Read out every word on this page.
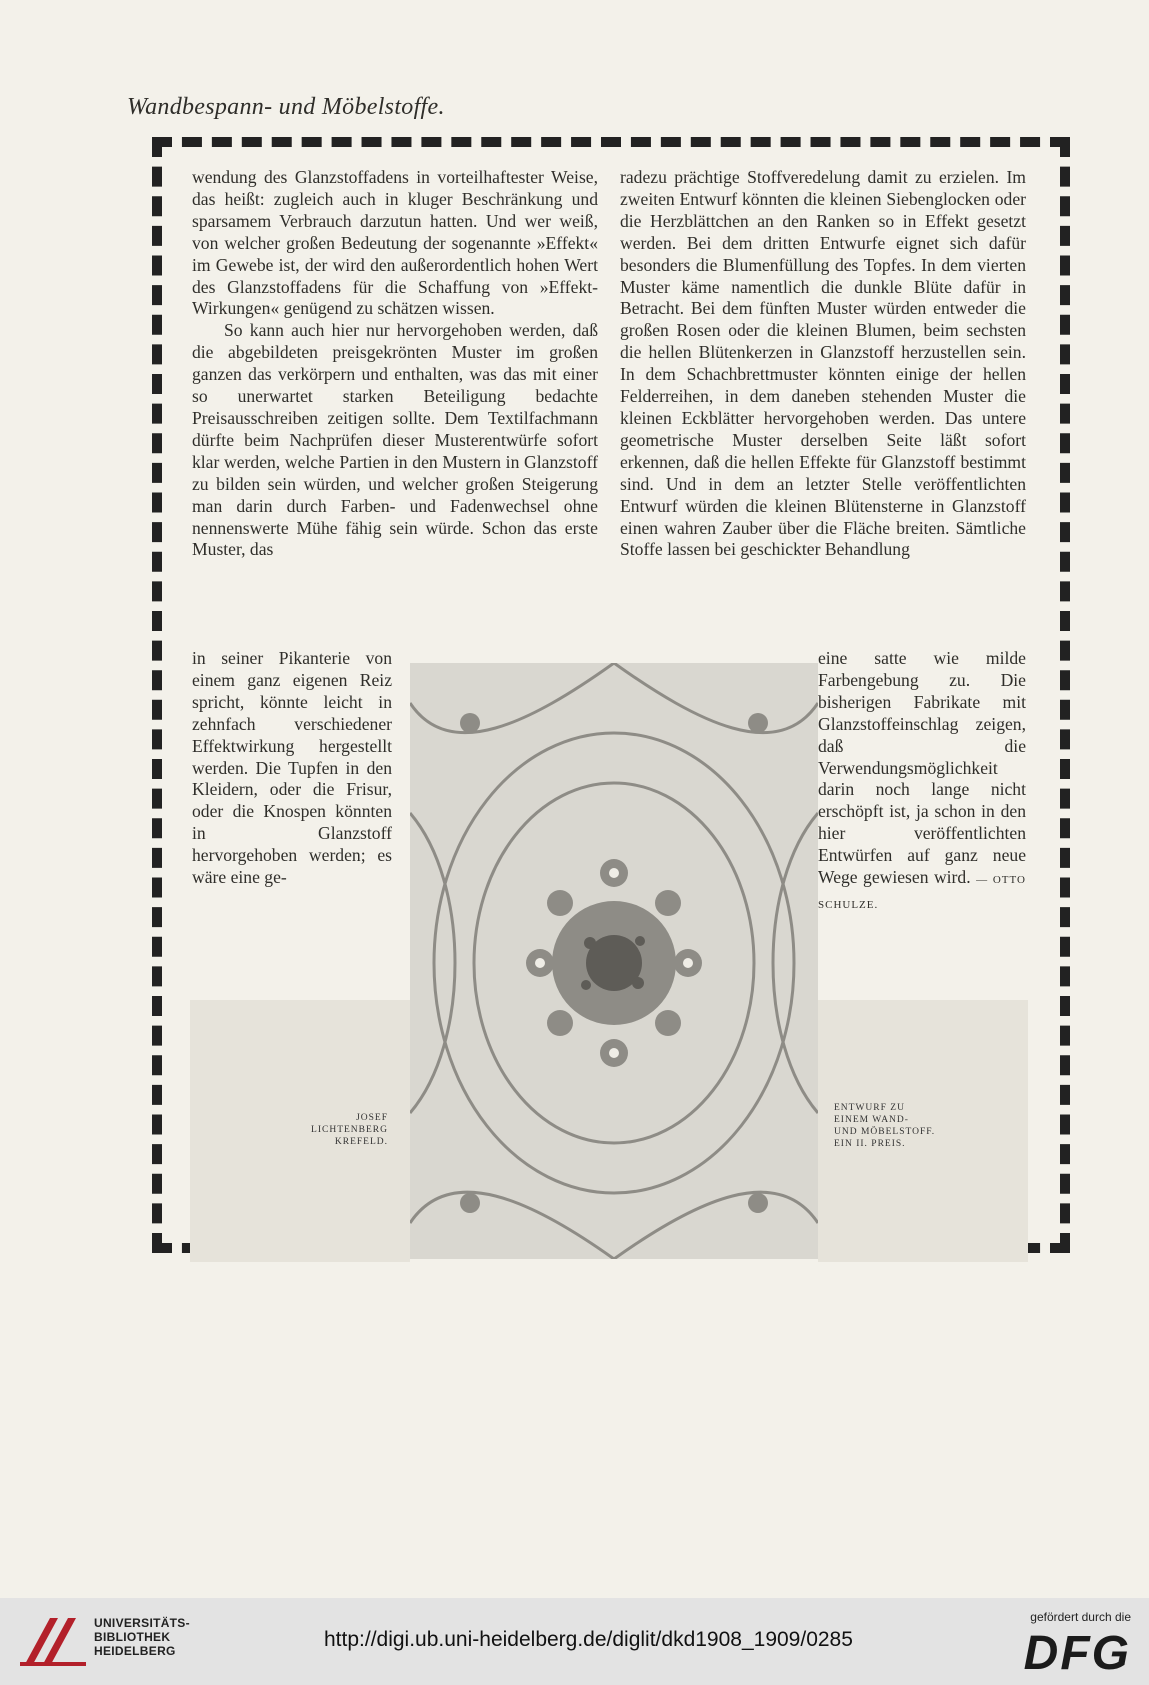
Wandbespann- und Möbelstoffe.

wendung des Glanzstoffadens in vorteilhaftester Weise, das heißt: zugleich auch in kluger Beschränkung und sparsamem Verbrauch darzutun hatten. Und wer weiß, von welcher großen Bedeutung der sogenannte »Effekt« im Gewebe ist, der wird den außerordentlich hohen Wert des Glanzstoffadens für die Schaffung von »Effekt-Wirkungen« genügend zu schätzen wissen.

So kann auch hier nur hervorgehoben werden, daß die abgebildeten preisgekrönten Muster im großen ganzen das verkörpern und enthalten, was das mit einer so unerwartet starken Beteiligung bedachte Preisausschreiben zeitigen sollte. Dem Textilfachmann dürfte beim Nachprüfen dieser Musterentwürfe sofort klar werden, welche Partien in den Mustern in Glanzstoff zu bilden sein würden, und welcher großen Steigerung man darin durch Farben- und Fadenwechsel ohne nennenswerte Mühe fähig sein würde. Schon das erste Muster, das

radezu prächtige Stoffveredelung damit zu erzielen. Im zweiten Entwurf könnten die kleinen Siebenglocken oder die Herzblättchen an den Ranken so in Effekt gesetzt werden. Bei dem dritten Entwurfe eignet sich dafür besonders die Blumenfüllung des Topfes. In dem vierten Muster käme namentlich die dunkle Blüte dafür in Betracht. Bei dem fünften Muster würden entweder die großen Rosen oder die kleinen Blumen, beim sechsten die hellen Blütenkerzen in Glanzstoff herzustellen sein. In dem Schachbrettmuster könnten einige der hellen Felderreihen, in dem daneben stehenden Muster die kleinen Eckblätter hervorgehoben werden. Das untere geometrische Muster derselben Seite läßt sofort erkennen, daß die hellen Effekte für Glanzstoff bestimmt sind. Und in dem an letzter Stelle veröffentlichten Entwurf würden die kleinen Blütensterne in Glanzstoff einen wahren Zauber über die Fläche breiten. Sämtliche Stoffe lassen bei geschickter Behandlung

in seiner Pikanterie von einem ganz eigenen Reiz spricht, könnte leicht in zehnfach verschiedener Effektwirkung hergestellt werden. Die Tupfen in den Kleidern, oder die Frisur, oder die Knospen könnten in Glanzstoff hervorgehoben werden; es wäre eine ge-

eine satte wie milde Farbengebung zu. Die bisherigen Fabrikate mit Glanzstoffeinschlag zeigen, daß die Verwendungsmöglichkeit darin noch lange nicht erschöpft ist, ja schon in den hier veröffentlichten Entwürfen auf ganz neue Wege gewiesen wird. — OTTO SCHULZE.

JOSEF
LICHTENBERG
KREFELD.
ENTWURF ZU
EINEM WAND-
UND MÖBELSTOFF.
EIN II. PREIS.
UNIVERSITÄTS-
BIBLIOTHEK
HEIDELBERG	http://digi.ub.uni-heidelberg.de/diglit/dkd1908_1909/0285
gefördert durch die
DFG
